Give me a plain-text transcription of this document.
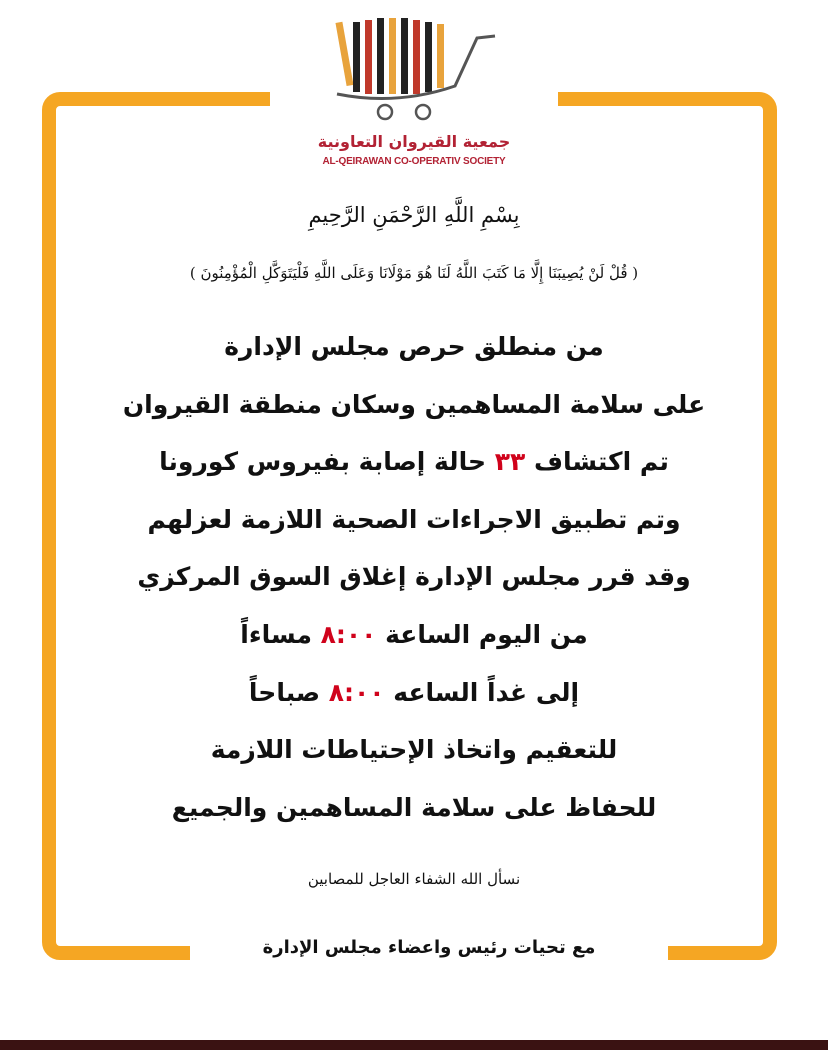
جمعية القيروان التعاونية
AL-QEIRAWAN CO-OPERATIV SOCIETY
بِسْمِ اللَّهِ الرَّحْمَنِ الرَّحِيمِ
( قُلْ لَنْ يُصِيبَنَا إِلَّا مَا كَتَبَ اللَّهُ لَنَا هُوَ مَوْلَانَا وَعَلَى اللَّهِ فَلْيَتَوَكَّلِ الْمُؤْمِنُونَ )
من منطلق حرص مجلس الإدارة
على سلامة المساهمين وسكان منطقة القيروان
تم اكتشاف ٣٣ حالة إصابة بفيروس كورونا
وتم تطبيق الاجراءات الصحية اللازمة لعزلهم
وقد قرر مجلس الإدارة إغلاق السوق المركزي
من اليوم الساعة ٨:٠٠ مساءاً
إلى غداً الساعه ٨:٠٠ صباحاً
للتعقيم واتخاذ الإحتياطات اللازمة
للحفاظ على سلامة المساهمين والجميع
نسأل الله الشفاء العاجل للمصابين
مع تحيات رئيس واعضاء مجلس الإدارة
